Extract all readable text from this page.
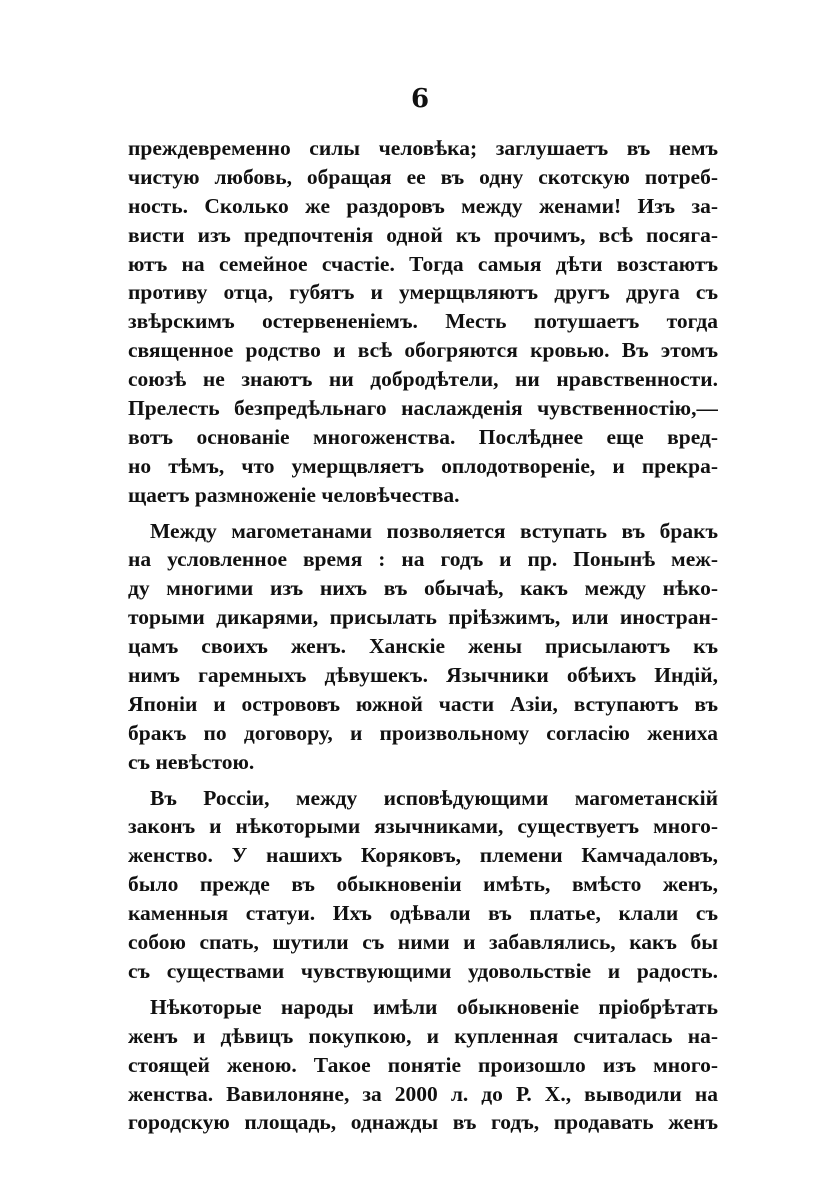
6
преждевременно силы человѣка; заглушаетъ въ немъ
чистую любовь, обращая ее въ одну скотскую потреб-
ность. Сколько же раздоровъ между женами! Изъ за-
висти изъ предпочтенія одной къ прочимъ, всѣ посяга-
ютъ на семейное счастіе. Тогда самыя дѣти возстаютъ
противу отца, губятъ и умерщвляютъ другъ друга съ
звѣрскимъ остервененіемъ. Месть потушаетъ тогда
священное родство и всѣ обогряются кровью. Въ этомъ
союзѣ не знаютъ ни добродѣтели, ни нравственности.
Прелесть безпредѣльнаго наслажденія чувственностію,—
вотъ основаніе многоженства. Послѣднее еще вред-
но тѣмъ, что умерщвляетъ оплодотвореніе, и прекра-
щаетъ размноженіе человѣчества.
Между магометанами позволяется вступать въ бракъ
на условленное время : на годъ и пр. Понынѣ меж-
ду многими изъ нихъ въ обычаѣ, какъ между нѣко-
торыми дикарями, присылать пріѣзжимъ, или иностран-
цамъ своихъ женъ. Ханскіе жены присылаютъ къ
нимъ гаремныхъ дѣвушекъ. Язычники обѣихъ Индій,
Японіи и острововъ южной части Азіи, вступаютъ въ
бракъ по договору, и произвольному согласію жениха
съ невѣстою.
Въ Россіи, между исповѣдующими магометанскій
законъ и нѣкоторыми язычниками, существуетъ много-
женство. У нашихъ Коряковъ, племени Камчадаловъ,
было прежде въ обыкновеніи имѣть, вмѣсто женъ,
каменныя статуи. Ихъ одѣвали въ платье, клали съ
собою спать, шутили съ ними и забавлялись, какъ бы
съ существами чувствующими удовольствіе и радость.
Нѣкоторые народы имѣли обыкновеніе пріобрѣтать
женъ и дѣвицъ покупкою, и купленная считалась на-
стоящей женою. Такое понятіе произошло изъ много-
женства. Вавилоняне, за 2000 л. до Р. Х., выводили на
городскую площадь, однажды въ годъ, продавать женъ
